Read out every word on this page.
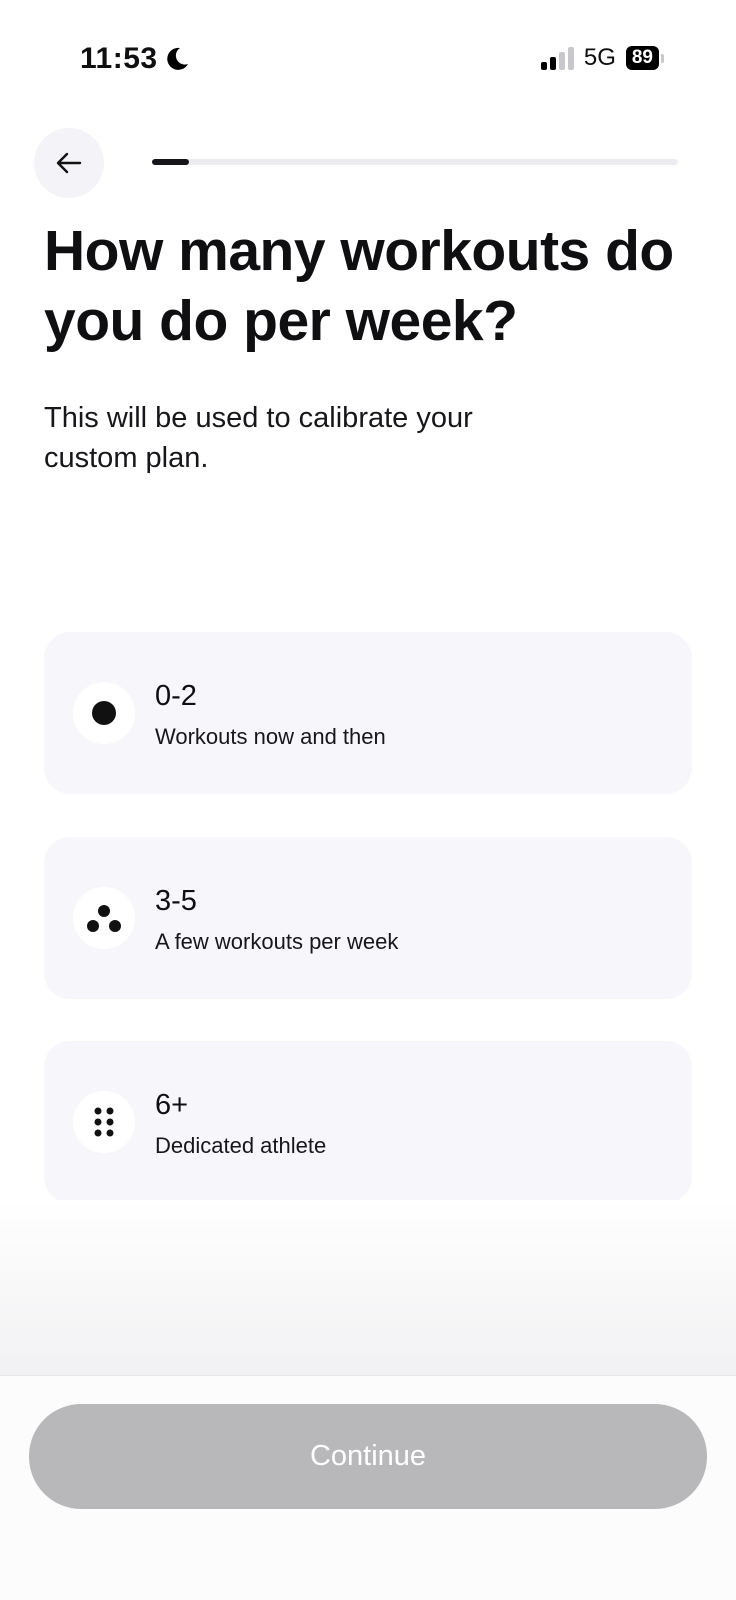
11:53	5G 89
How many workouts do you do per week?

This will be used to calibrate your custom plan.

0-2
Workouts now and then
3-5
A few workouts per week
6+
Dedicated athlete
Continue
